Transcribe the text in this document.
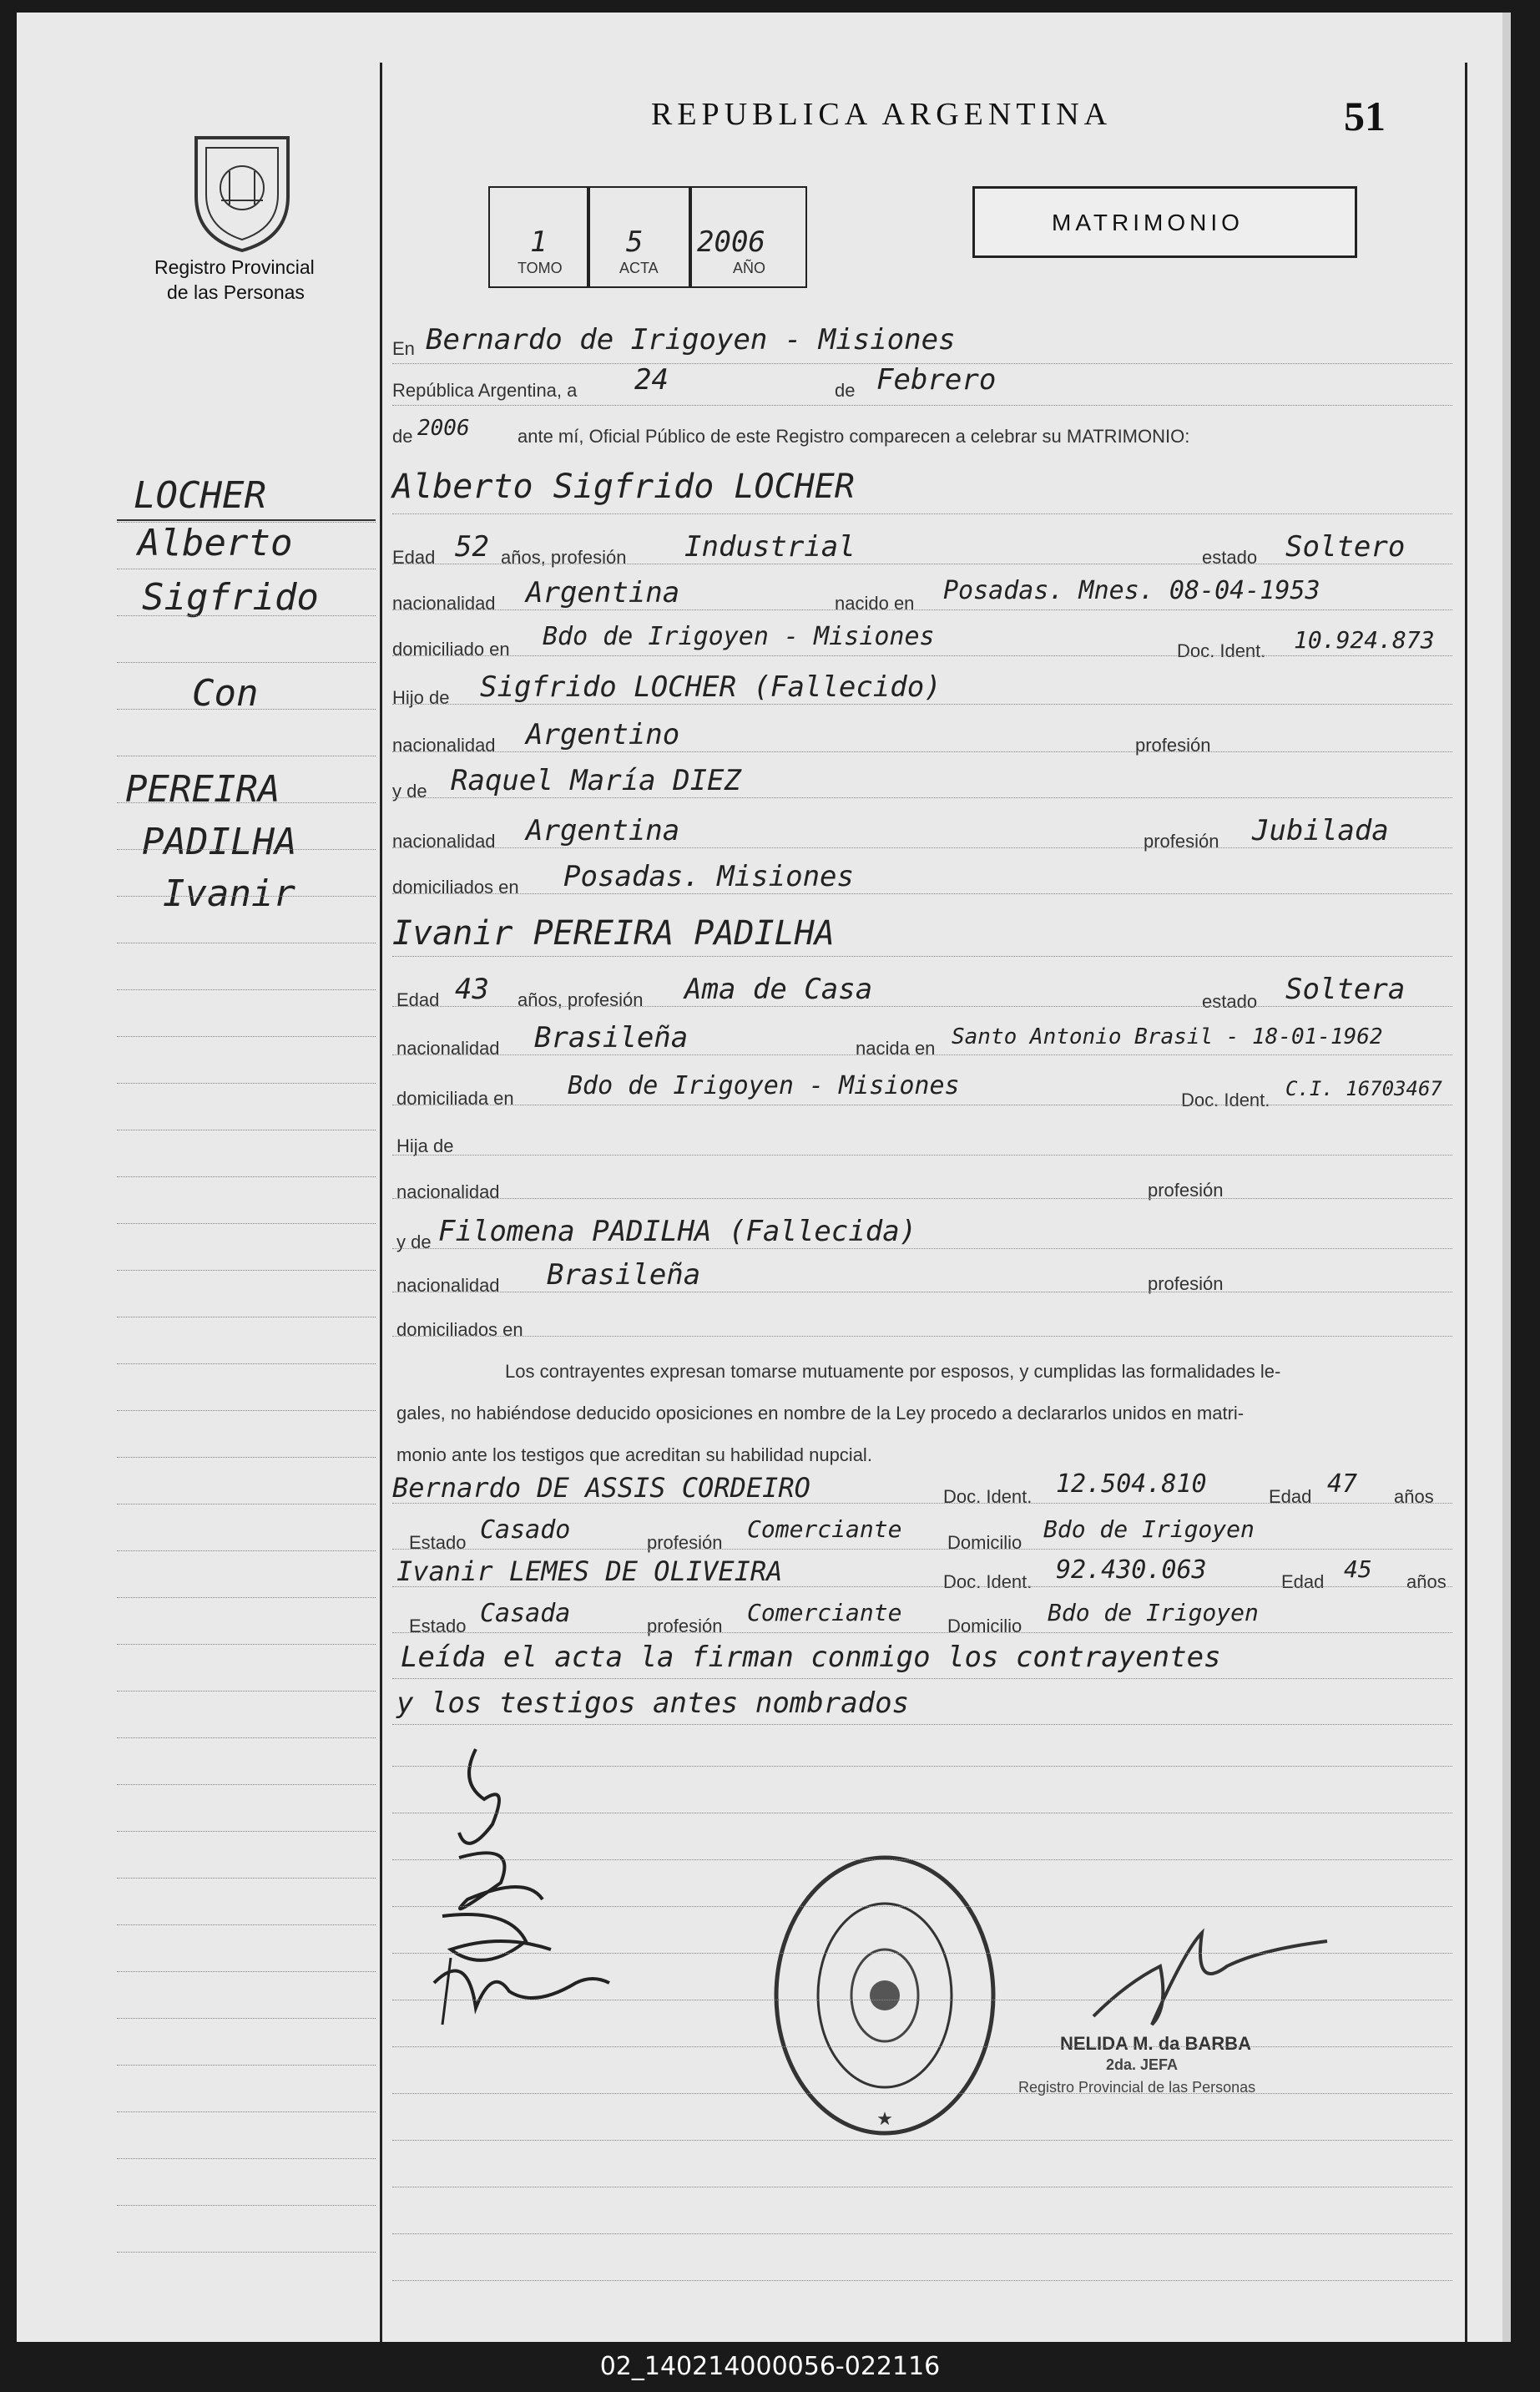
Registro Provincial
de las Personas
REPUBLICA ARGENTINA	51
1	5 2006
TOMO	ACTA	AÑO
MATRIMONIO
LOCHER
Alberto
Sigfrido
Con
PEREIRA
PADILHA
Ivanir
En Bernardo de Irigoyen - Misiones
República Argentina, a 24	de Febrero
de 2006	ante mí, Oficial Público de este Registro comparecen a celebrar su MATRIMONIO:
Alberto Sigfrido LOCHER
Edad 52 años, profesión Industrial	estado Soltero
nacionalidad Argentina	nacido en Posadas. Mnes. 08-04-1953
domiciliado en Bdo de Irigoyen - Misiones	Doc. Ident. 10.924.873
Hijo de Sigfrido LOCHER (Fallecido)
nacionalidad Argentino	profesión
y de Raquel María DIEZ
nacionalidad Argentina	profesión Jubilada
domiciliados en Posadas. Misiones
Ivanir PEREIRA PADILHA
Edad 43 años, profesión Ama de Casa	estado Soltera
nacionalidad Brasileña	nacida en Santo Antonio Brasil - 18-01-1962
domiciliada en Bdo de Irigoyen - Misiones	Doc. Ident. C.I. 16703467
Hija de
nacionalidad	profesión
y de Filomena PADILHA (Fallecida)
nacionalidad Brasileña	profesión
domiciliados en
Los contrayentes expresan tomarse mutuamente por esposos, y cumplidas las formalidades le-
gales, no habiéndose deducido oposiciones en nombre de la Ley procedo a declararlos unidos en matri-
monio ante los testigos que acreditan su habilidad nupcial.
Bernardo DE ASSIS CORDEIRO	Doc. Ident. 12.504.810	Edad 47 años
Estado Casado	profesión Comerciante Domicilio Bdo de Irigoyen
Ivanir LEMES DE OLIVEIRA	Doc. Ident. 92.430.063	Edad 45 años
Estado Casada	profesión Comerciante Domicilio Bdo de Irigoyen
Leída el acta la firman conmigo los contrayentes
y los testigos antes nombrados
★
NELIDA M. da BARBA
2da. JEFA
Registro Provincial de las Personas
02_140214000056-022116
